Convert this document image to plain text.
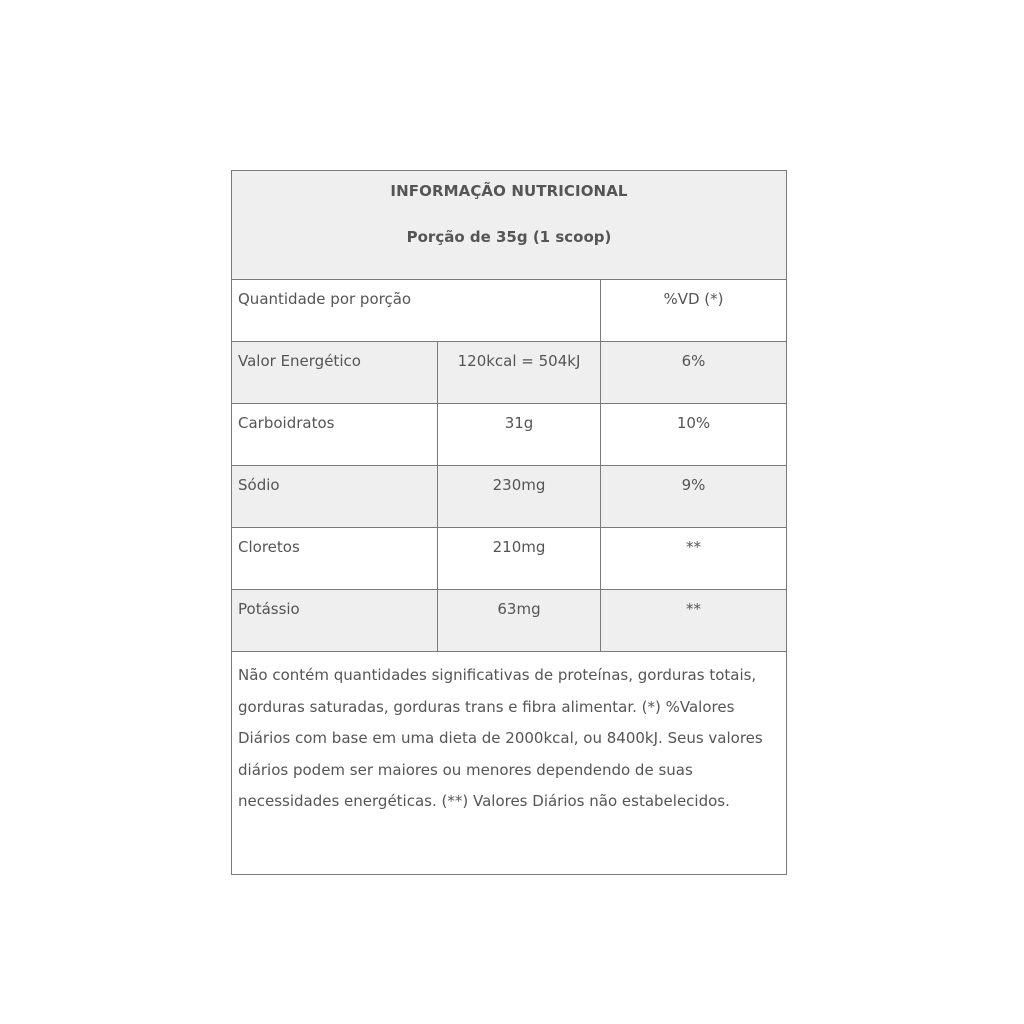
INFORMAÇÃO NUTRICIONAL
Porção de 35g (1 scoop)		

Quantidade por porção		%VD (*)

Valor Energético	120kcal = 504kJ	6%

Carboidratos	31g	10%

Sódio	230mg	9%

Cloretos	210mg	**

Potássio	63mg	**

Não contém quantidades significativas de proteínas, gorduras totais, gorduras saturadas, gorduras trans e fibra alimentar. (*) %Valores Diários com base em uma dieta de 2000kcal, ou 8400kJ. Seus valores diários podem ser maiores ou menores dependendo de suas necessidades energéticas. (**) Valores Diários não estabelecidos.		
